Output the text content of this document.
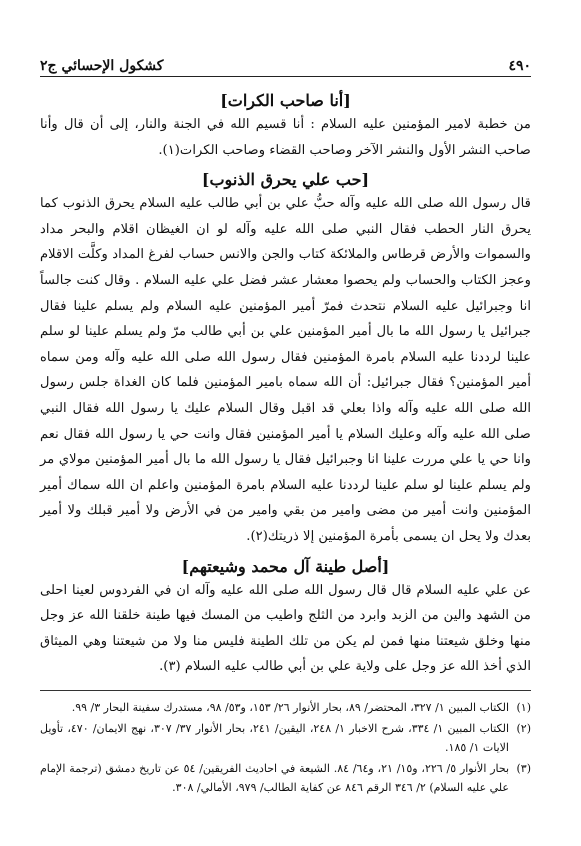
٤٩٠
كشكول الإحسائي ج٢

[أنا صاحب الكرات]

من خطبة لامير المؤمنين عليه السلام : أنا قسيم الله في الجنة والنار، إلى أن قال وأنا صاحب النشر الأول والنشر الآخر وصاحب القضاء وصاحب الكرات(١).

[حب علي يحرق الذنوب]

قال رسول الله صلى الله عليه وآله حبُّ علي بن أبي طالب عليه السلام يحرق الذنوب كما يحرق النار الحطب فقال النبي صلى الله عليه وآله لو ان الغيظان اقلام والبحر مداد والسموات والأرض قرطاس والملائكة كتاب والجن والانس حساب لفرغ المداد وكلَّت الاقلام وعجز الكتاب والحساب ولم يحصوا معشار عشر فضل علي عليه السلام . وقال كنت جالساً انا وجبرائيل عليه السلام نتحدث فمرّ أمير المؤمنين عليه السلام ولم يسلم علينا فقال جبرائيل يا رسول الله ما بال أمير المؤمنين علي بن أبي طالب مرّ ولم يسلم علينا لو سلم علينا لرددنا عليه السلام بامرة المؤمنين فقال رسول الله صلى الله عليه وآله ومن سماه أمير المؤمنين؟ فقال جبرائيل: أن الله سماه بامير المؤمنين فلما كان الغداة جلس رسول الله صلى الله عليه وآله واذا بعلي قد اقبل وقال السلام عليك يا رسول الله فقال النبي صلى الله عليه وآله وعليك السلام يا أمير المؤمنين فقال وانت حي يا رسول الله فقال نعم وانا حي يا علي مررت علينا انا وجبرائيل فقال يا رسول الله ما بال أمير المؤمنين مولاي مر ولم يسلم علينا لو سلم علينا لرددنا عليه السلام بامرة المؤمنين واعلم ان الله سماك أمير المؤمنين وانت أمير من مضى وامير من بقي وامير من في الأرض ولا أمير قبلك ولا أمير بعدك ولا يحل ان يسمى بأمرة المؤمنين إلا ذريتك(٢).

[أصل طينة آل محمد وشيعتهم]

عن علي عليه السلام قال قال رسول الله صلى الله عليه وآله ان في الفردوس لعينا احلى من الشهد والين من الزبد وابرد من الثلج واطيب من المسك فيها طينة خلقنا الله عز وجل منها وخلق شيعتنا منها فمن لم يكن من تلك الطينة فليس منا ولا من شيعتنا وهي الميثاق الذي أخذ الله عز وجل على ولاية علي بن أبي طالب عليه السلام (٣).

(١)
الكتاب المبين ١/ ٣٢٧، المحتضر/ ٨٩، بحار الأنوار ٢٦/ ١٥٣، و٥٣/ ٩٨، مستدرك سفينة البحار ٣/ ٩٩.
(٢)
الكتاب المبين ١/ ٣٣٤، شرح الاخبار ١/ ٢٤٨، اليقين/ ٢٤١، بحار الأنوار ٣٧/ ٣٠٧، نهج الايمان/ ٤٧٠، تأويل الايات ١/ ١٨٥.
(٣)
بحار الأنوار ٥/ ٢٢٦، و١٥/ ٢١، و٦٤/ ٨٤. الشيعة في احاديث الفريقين/ ٥٤ عن تاريخ دمشق (ترجمة الإمام علي عليه السلام) ٢/ ٣٤٦ الرقم ٨٤٦ عن كفاية الطالب/ ٩٧٩، الأمالي/ ٣٠٨.
